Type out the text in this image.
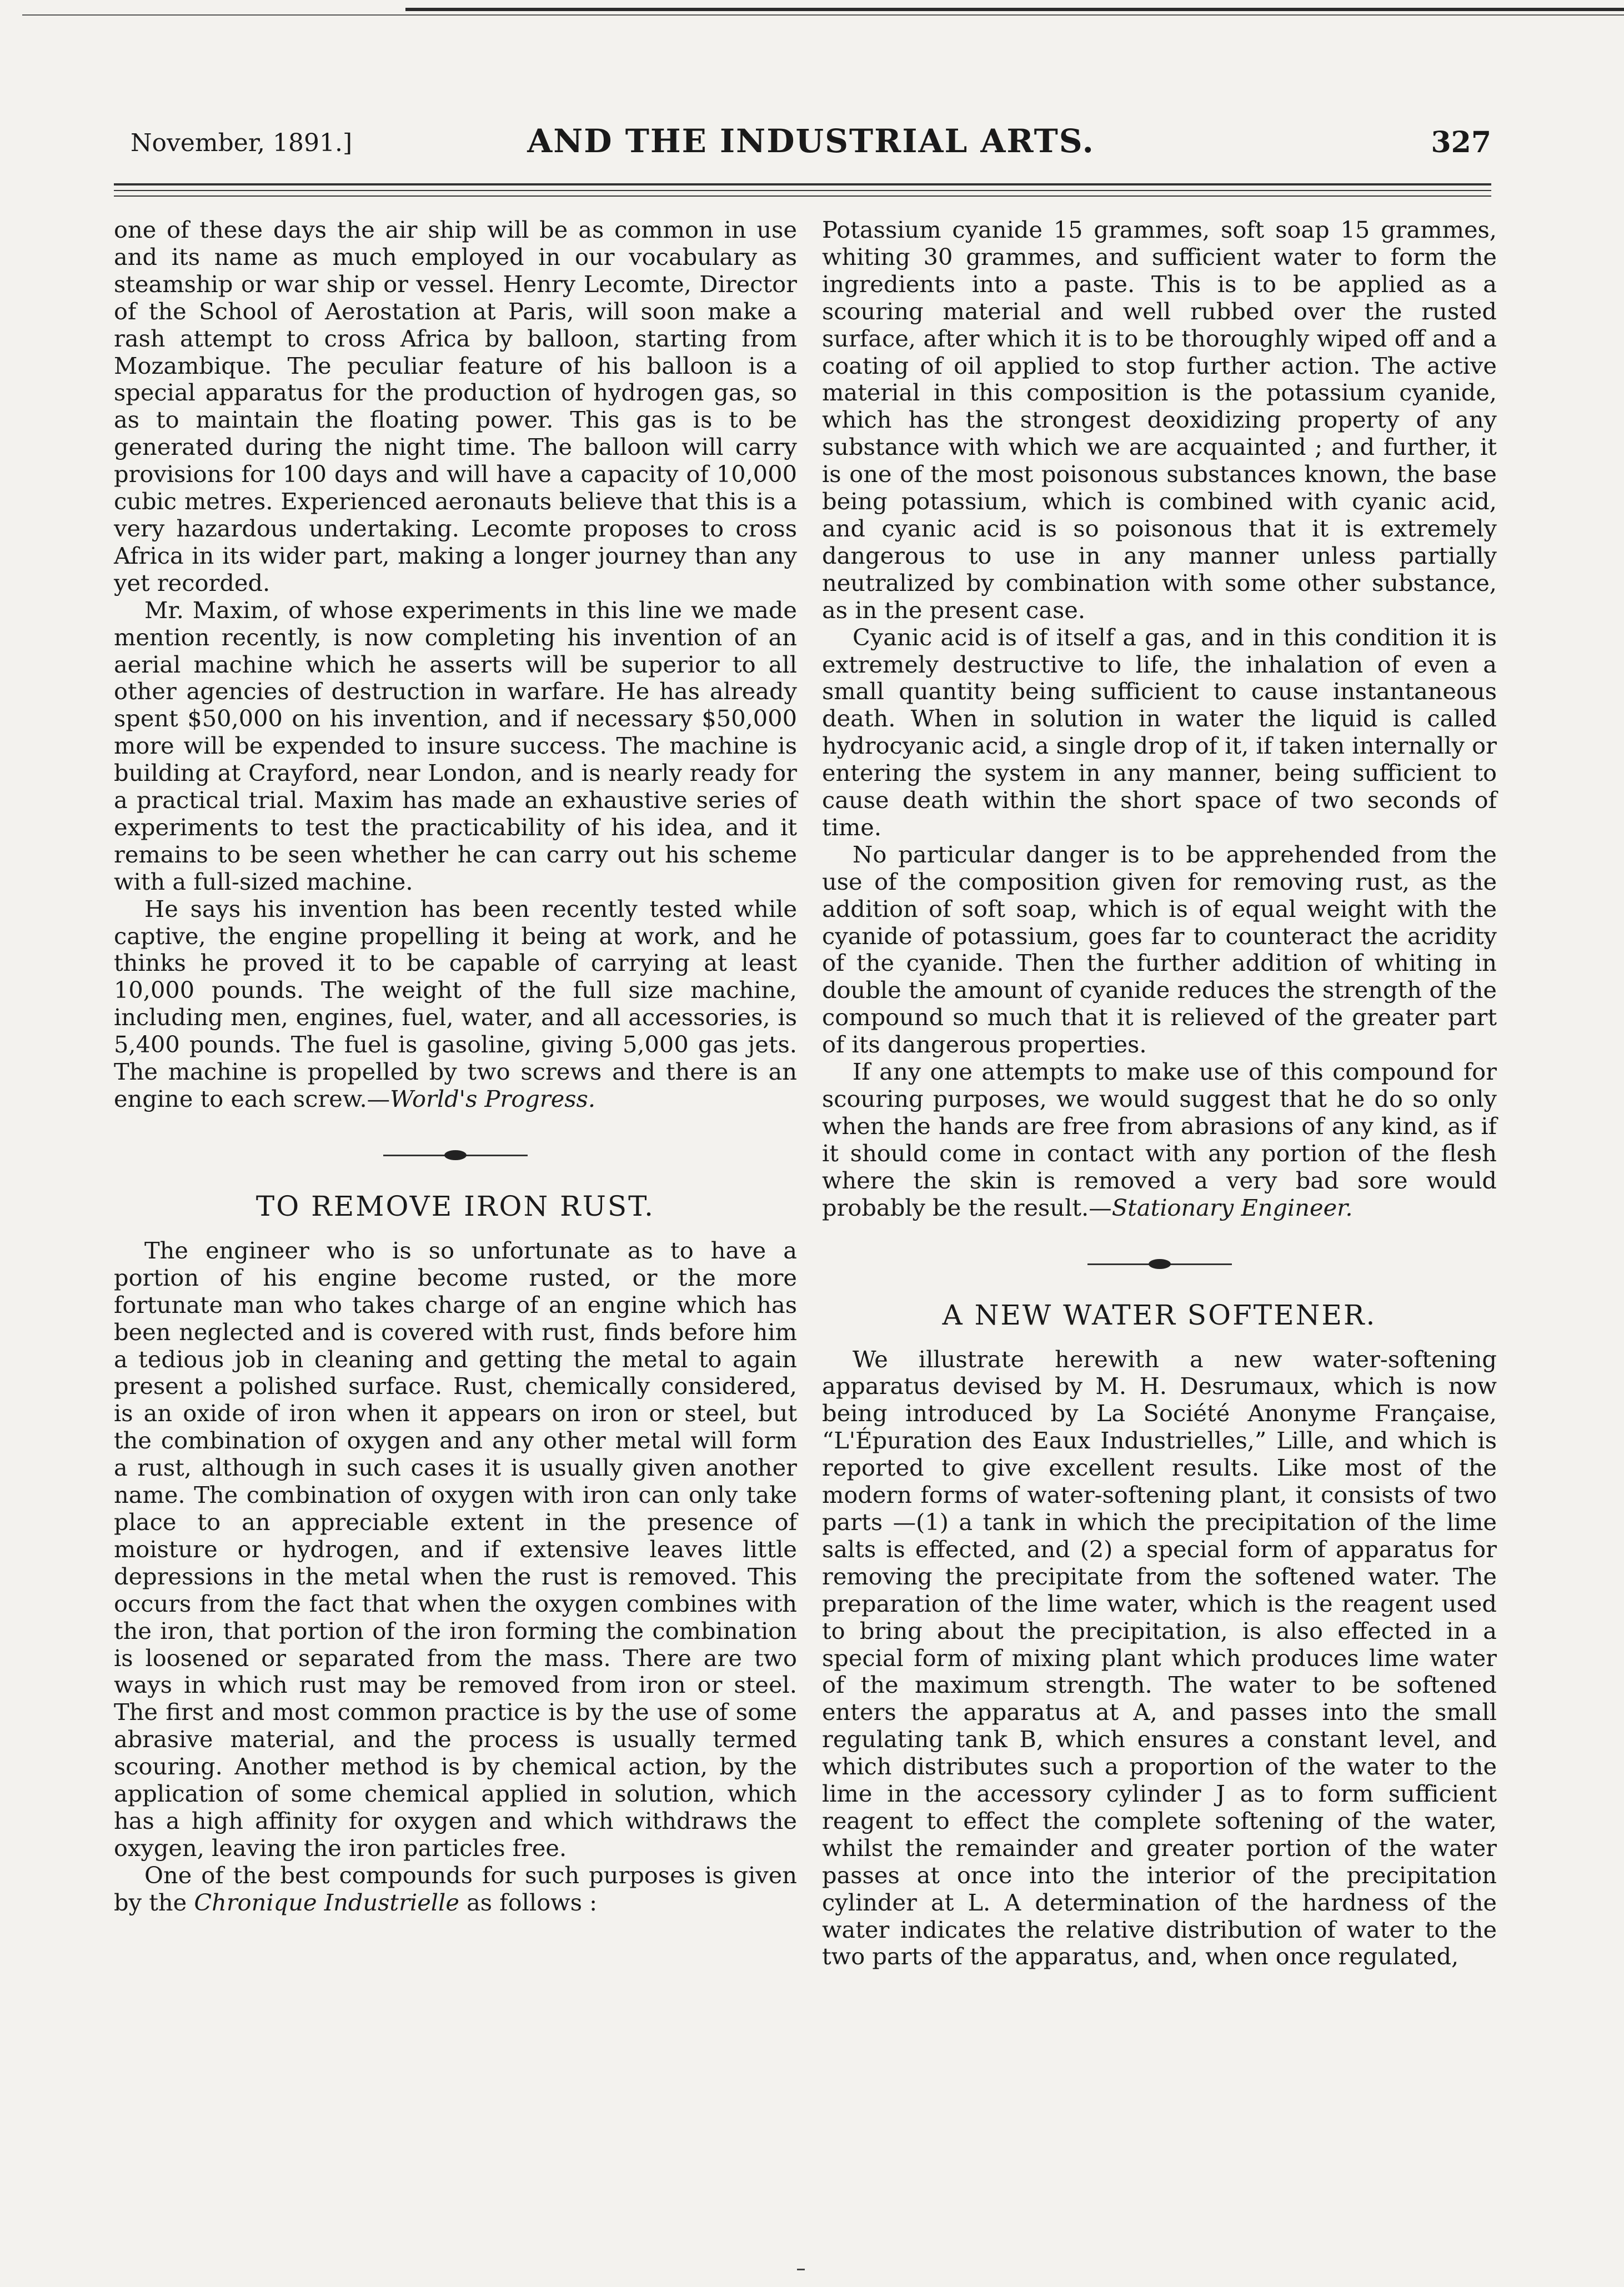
November, 1891.]	AND THE INDUSTRIAL ARTS.	327

one of these days the air ship will be as common in use and its name as much employed in our vocabulary as steamship or war ship or vessel. Henry Lecomte, Director of the School of Aerostation at Paris, will soon make a rash attempt to cross Africa by balloon, starting from Mozambique. The peculiar feature of his balloon is a special apparatus for the production of hydrogen gas, so as to maintain the floating power. This gas is to be generated during the night time. The balloon will carry provisions for 100 days and will have a capacity of 10,000 cubic metres. Experienced aeronauts believe that this is a very hazardous undertaking. Lecomte proposes to cross Africa in its wider part, making a longer journey than any yet recorded.

Mr. Maxim, of whose experiments in this line we made mention recently, is now completing his invention of an aerial machine which he asserts will be superior to all other agencies of destruction in warfare. He has already spent $50,000 on his invention, and if necessary $50,000 more will be expended to insure success. The machine is building at Crayford, near London, and is nearly ready for a practical trial. Maxim has made an exhaustive series of experiments to test the practicability of his idea, and it remains to be seen whether he can carry out his scheme with a full-sized machine.

He says his invention has been recently tested while captive, the engine propelling it being at work, and he thinks he proved it to be capable of carrying at least 10,000 pounds. The weight of the full size machine, including men, engines, fuel, water, and all accessories, is 5,400 pounds. The fuel is gasoline, giving 5,000 gas jets. The machine is propelled by two screws and there is an engine to each screw.—World's Progress.

TO REMOVE IRON RUST.

The engineer who is so unfortunate as to have a portion of his engine become rusted, or the more fortunate man who takes charge of an engine which has been neglected and is covered with rust, finds before him a tedious job in cleaning and getting the metal to again present a polished surface. Rust, chemically considered, is an oxide of iron when it appears on iron or steel, but the combination of oxygen and any other metal will form a rust, although in such cases it is usually given another name. The combination of oxygen with iron can only take place to an appreciable extent in the presence of moisture or hydrogen, and if extensive leaves little depressions in the metal when the rust is removed. This occurs from the fact that when the oxygen combines with the iron, that portion of the iron forming the combination is loosened or separated from the mass. There are two ways in which rust may be removed from iron or steel. The first and most common practice is by the use of some abrasive material, and the process is usually termed scouring. Another method is by chemical action, by the application of some chemical applied in solution, which has a high affinity for oxygen and which withdraws the oxygen, leaving the iron particles free.

One of the best compounds for such purposes is given by the Chronique Industrielle as follows :

Potassium cyanide 15 grammes, soft soap 15 grammes, whiting 30 grammes, and sufficient water to form the ingredients into a paste. This is to be applied as a scouring material and well rubbed over the rusted surface, after which it is to be thoroughly wiped off and a coating of oil applied to stop further action. The active material in this composition is the potassium cyanide, which has the strongest deoxidizing property of any substance with which we are acquainted ; and further, it is one of the most poisonous substances known, the base being potassium, which is combined with cyanic acid, and cyanic acid is so poisonous that it is extremely dangerous to use in any manner unless partially neutralized by combination with some other substance, as in the present case.

Cyanic acid is of itself a gas, and in this condition it is extremely destructive to life, the inhalation of even a small quantity being sufficient to cause instantaneous death. When in solution in water the liquid is called hydrocyanic acid, a single drop of it, if taken internally or entering the system in any manner, being sufficient to cause death within the short space of two seconds of time.

No particular danger is to be apprehended from the use of the composition given for removing rust, as the addition of soft soap, which is of equal weight with the cyanide of potassium, goes far to counteract the acridity of the cyanide. Then the further addition of whiting in double the amount of cyanide reduces the strength of the compound so much that it is relieved of the greater part of its dangerous properties.

If any one attempts to make use of this compound for scouring purposes, we would suggest that he do so only when the hands are free from abrasions of any kind, as if it should come in contact with any portion of the flesh where the skin is removed a very bad sore would probably be the result.—Stationary Engineer.

A NEW WATER SOFTENER.

We illustrate herewith a new water-softening apparatus devised by M. H. Desrumaux, which is now being introduced by La Société Anonyme Française, “L'Épuration des Eaux Industrielles,” Lille, and which is reported to give excellent results. Like most of the modern forms of water-softening plant, it consists of two parts —(1) a tank in which the precipitation of the lime salts is effected, and (2) a special form of apparatus for removing the precipitate from the softened water. The preparation of the lime water, which is the reagent used to bring about the precipitation, is also effected in a special form of mixing plant which produces lime water of the maximum strength. The water to be softened enters the apparatus at A, and passes into the small regulating tank B, which ensures a constant level, and which distributes such a proportion of the water to the lime in the accessory cylinder J as to form sufficient reagent to effect the complete softening of the water, whilst the remainder and greater portion of the water passes at once into the interior of the precipitation cylinder at L. A determination of the hardness of the water indicates the relative distribution of water to the two parts of the apparatus, and, when once regulated,
